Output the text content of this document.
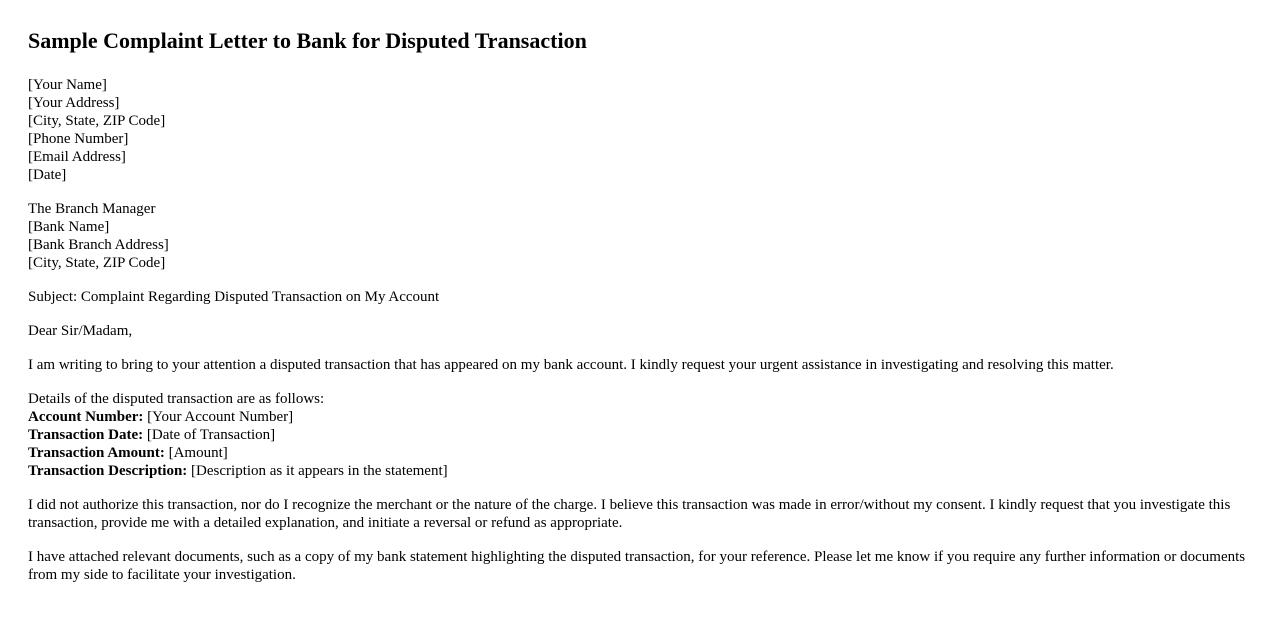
Sample Complaint Letter to Bank for Disputed Transaction

[Your Name]
[Your Address]
[City, State, ZIP Code]
[Phone Number]
[Email Address]
[Date]

The Branch Manager
[Bank Name]
[Bank Branch Address]
[City, State, ZIP Code]

Subject: Complaint Regarding Disputed Transaction on My Account

Dear Sir/Madam,

I am writing to bring to your attention a disputed transaction that has appeared on my bank account. I kindly request your urgent assistance in investigating and resolving this matter.

Details of the disputed transaction are as follows:
Account Number: [Your Account Number]
Transaction Date: [Date of Transaction]
Transaction Amount: [Amount]
Transaction Description: [Description as it appears in the statement]

I did not authorize this transaction, nor do I recognize the merchant or the nature of the charge. I believe this transaction was made in error/without my consent. I kindly request that you investigate this transaction, provide me with a detailed explanation, and initiate a reversal or refund as appropriate.

I have attached relevant documents, such as a copy of my bank statement highlighting the disputed transaction, for your reference. Please let me know if you require any further information or documents from my side to facilitate your investigation.
